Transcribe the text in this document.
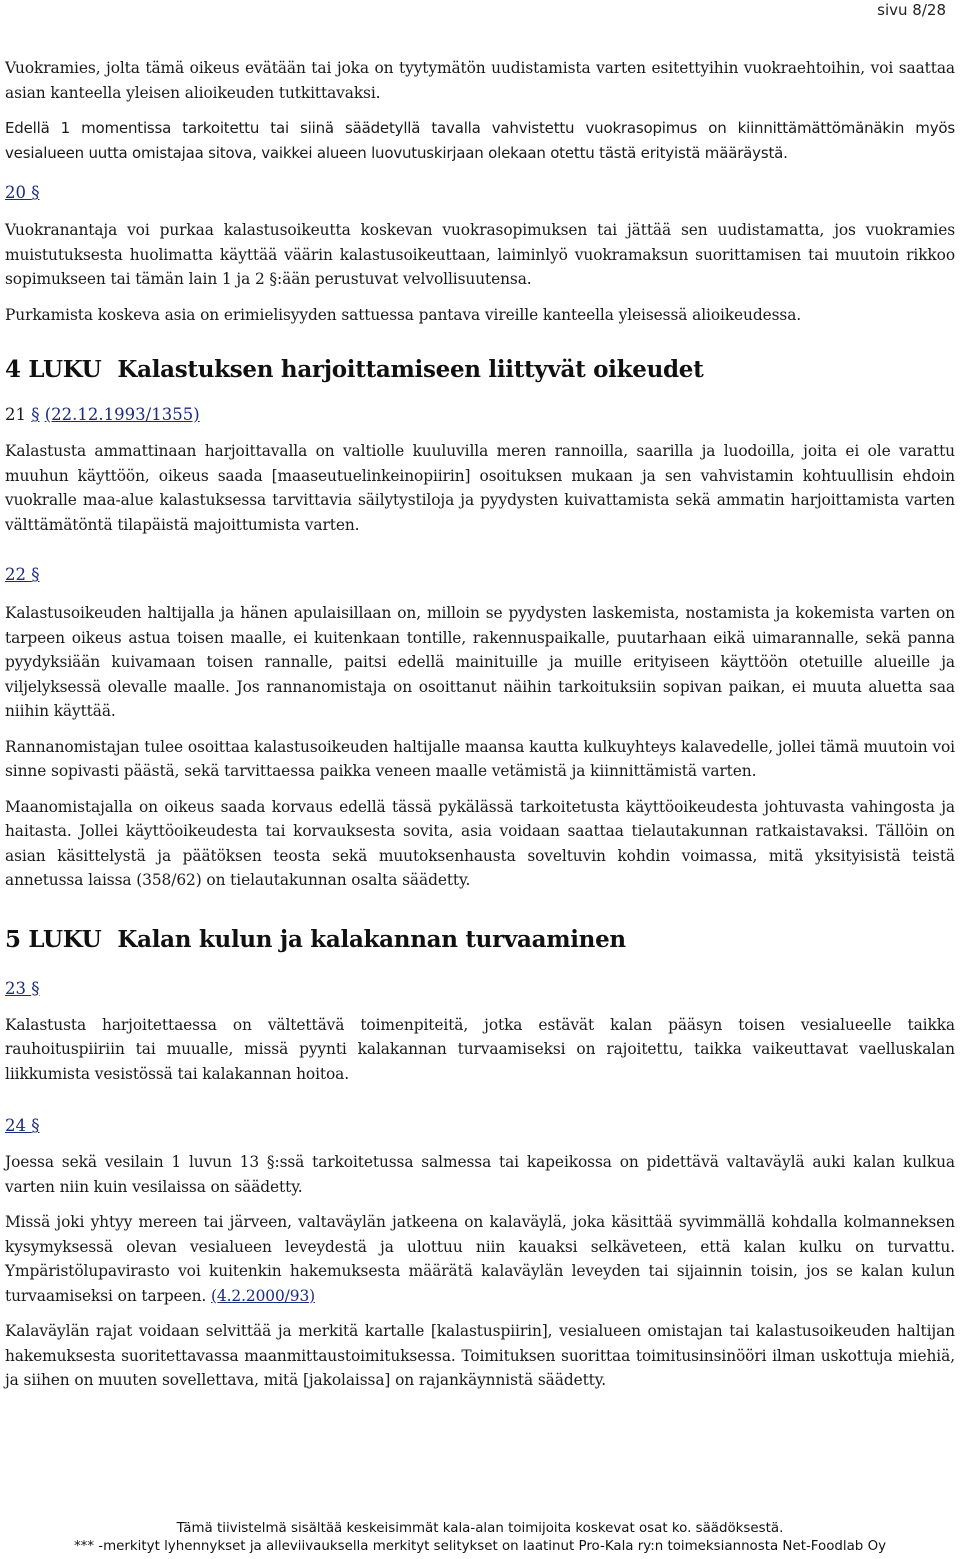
sivu 8/28

Vuokramies, jolta tämä oikeus evätään tai joka on tyytymätön uudistamista varten esitettyihin vuokraehtoihin, voi saattaa asian kanteella yleisen alioikeuden tutkittavaksi.

Edellä 1 momentissa tarkoitettu tai siinä säädetyllä tavalla vahvistettu vuokrasopimus on kiinnittämättömänäkin myös vesialueen uutta omistajaa sitova, vaikkei alueen luovutuskirjaan olekaan otettu tästä erityistä määräystä.

20 §

Vuokranantaja voi purkaa kalastusoikeutta koskevan vuokrasopimuksen tai jättää sen uudistamatta, jos vuokramies muistutuksesta huolimatta käyttää väärin kalastusoikeuttaan, laiminlyö vuokramaksun suorittamisen tai muutoin rikkoo sopimukseen tai tämän lain 1 ja 2 §:ään perustuvat velvollisuutensa.

Purkamista koskeva asia on erimielisyyden sattuessa pantava vireille kanteella yleisessä alioikeudessa.

4 LUKU Kalastuksen harjoittamiseen liittyvät oikeudet
21 § (22.12.1993/1355)

Kalastusta ammattinaan harjoittavalla on valtiolle kuuluvilla meren rannoilla, saarilla ja luodoilla, joita ei ole varattu muuhun käyttöön, oikeus saada [maaseutuelinkeinopiirin] osoituksen mukaan ja sen vahvistamin kohtuullisin ehdoin vuokralle maa-alue kalastuksessa tarvittavia säilytystiloja ja pyydysten kuivattamista sekä ammatin harjoittamista varten välttämätöntä tilapäistä majoittumista varten.

22 §

Kalastusoikeuden haltijalla ja hänen apulaisillaan on, milloin se pyydysten laskemista, nostamista ja kokemista varten on tarpeen oikeus astua toisen maalle, ei kuitenkaan tontille, rakennuspaikalle, puutarhaan eikä uimarannalle, sekä panna pyydyksiään kuivamaan toisen rannalle, paitsi edellä mainituille ja muille erityiseen käyttöön otetuille alueille ja viljelyksessä olevalle maalle. Jos rannanomistaja on osoittanut näihin tarkoituksiin sopivan paikan, ei muuta aluetta saa niihin käyttää.

Rannanomistajan tulee osoittaa kalastusoikeuden haltijalle maansa kautta kulkuyhteys kalavedelle, jollei tämä muutoin voi sinne sopivasti päästä, sekä tarvittaessa paikka veneen maalle vetämistä ja kiinnittämistä varten.

Maanomistajalla on oikeus saada korvaus edellä tässä pykälässä tarkoitetusta käyttöoikeudesta johtuvasta vahingosta ja haitasta. Jollei käyttöoikeudesta tai korvauksesta sovita, asia voidaan saattaa tielautakunnan ratkaistavaksi. Tällöin on asian käsittelystä ja päätöksen teosta sekä muutoksenhausta soveltuvin kohdin voimassa, mitä yksityisistä teistä annetussa laissa (358/62) on tielautakunnan osalta säädetty.

5 LUKU Kalan kulun ja kalakannan turvaaminen
23 §

Kalastusta harjoitettaessa on vältettävä toimenpiteitä, jotka estävät kalan pääsyn toisen vesialueelle taikka rauhoituspiiriin tai muualle, missä pyynti kalakannan turvaamiseksi on rajoitettu, taikka vaikeuttavat vaelluskalan liikkumista vesistössä tai kalakannan hoitoa.

24 §

Joessa sekä vesilain 1 luvun 13 §:ssä tarkoitetussa salmessa tai kapeikossa on pidettävä valtaväylä auki kalan kulkua varten niin kuin vesilaissa on säädetty.

Missä joki yhtyy mereen tai järveen, valtaväylän jatkeena on kalaväylä, joka käsittää syvimmällä kohdalla kolmanneksen kysymyksessä olevan vesialueen leveydestä ja ulottuu niin kauaksi selkäveteen, että kalan kulku on turvattu. Ympäristölupavirasto voi kuitenkin hakemuksesta määrätä kalaväylän leveyden tai sijainnin toisin, jos se kalan kulun turvaamiseksi on tarpeen. (4.2.2000/93)

Kalaväylän rajat voidaan selvittää ja merkitä kartalle [kalastuspiirin], vesialueen omistajan tai kalastusoikeuden haltijan hakemuksesta suoritettavassa maanmittaustoimituksessa. Toimituksen suorittaa toimitusinsinööri ilman uskottuja miehiä, ja siihen on muuten sovellettava, mitä [jakolaissa] on rajankäynnistä säädetty.

Tämä tiivistelmä sisältää keskeisimmät kala-alan toimijoita koskevat osat ko. säädöksestä.
*** -merkityt lyhennykset ja alleviivauksella merkityt selitykset on laatinut Pro-Kala ry:n toimeksiannosta Net-Foodlab Oy
